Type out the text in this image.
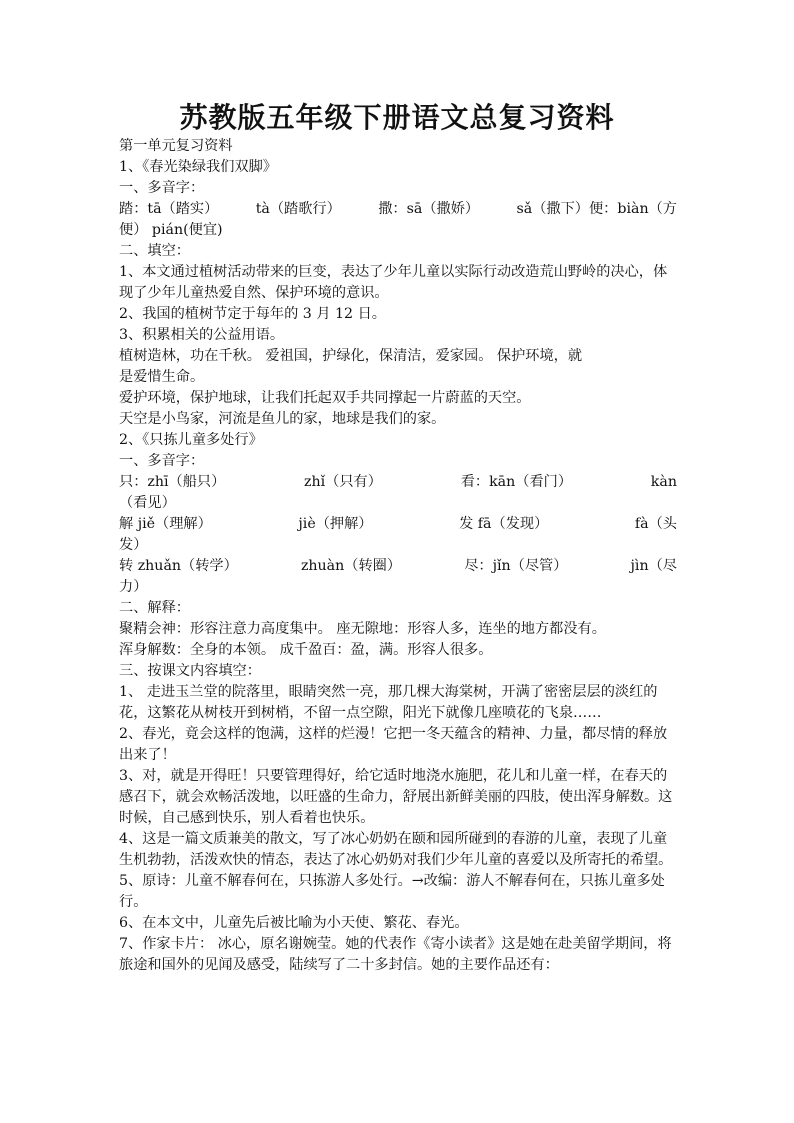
苏教版五年级下册语文总复习资料
第一单元复习资料
1、《春光染绿我们双脚》
一、多音字：
踏：tā（踏实）	tà（踏歌行）	撒：sā（撒娇）	sǎ（撒下）便：biàn（方
便） pián(便宜)
二、填空：
1、本文通过植树活动带来的巨变，表达了少年儿童以实际行动改造荒山野岭的决心，体现了少年儿童热爱自然、保护环境的意识。
2、我国的植树节定于每年的 3 月 12 日。
3、积累相关的公益用语。
植树造林，功在千秋。 爱祖国，护绿化，保清洁，爱家园。 保护环境，就
是爱惜生命。
爱护环境，保护地球，让我们托起双手共同撑起一片蔚蓝的天空。
天空是小鸟家，河流是鱼儿的家，地球是我们的家。
2、《只拣儿童多处行》
一、多音字：
只：zhī（船只）	zhǐ（只有）	看：kān（看门）	kàn
（看见）
解 jiě（理解）	jiè（押解）	发 fā（发现）	fà（头
发）
转 zhuǎn（转学）	zhuàn（转圈）	尽：jǐn（尽管）	jìn（尽
力）
二、解释：
聚精会神：形容注意力高度集中。 座无隙地：形容人多，连坐的地方都没有。
浑身解数：全身的本领。 成千盈百：盈，满。形容人很多。
三、按课文内容填空：
1、 走进玉兰堂的院落里，眼睛突然一亮，那几棵大海棠树，开满了密密层层的淡红的花，这繁花从树枝开到树梢，不留一点空隙，阳光下就像几座喷花的飞泉……
2、春光，竟会这样的饱满，这样的烂漫！它把一冬天蕴含的精神、力量，都尽情的释放出来了！
3、对，就是开得旺！只要管理得好，给它适时地浇水施肥，花儿和儿童一样，在春天的感召下，就会欢畅活泼地，以旺盛的生命力，舒展出新鲜美丽的四肢，使出浑身解数。这时候，自己感到快乐，别人看着也快乐。
4、这是一篇文质兼美的散文，写了冰心奶奶在颐和园所碰到的春游的儿童，表现了儿童生机勃勃，活泼欢快的情态，表达了冰心奶奶对我们少年儿童的喜爱以及所寄托的希望。
5、原诗：儿童不解春何在，只拣游人多处行。→改编：游人不解春何在，只拣儿童多处行。
6、在本文中，儿童先后被比喻为小天使、繁花、春光。
7、作家卡片： 冰心，原名谢婉莹。她的代表作《寄小读者》这是她在赴美留学期间，将旅途和国外的见闻及感受，陆续写了二十多封信。她的主要作品还有：
